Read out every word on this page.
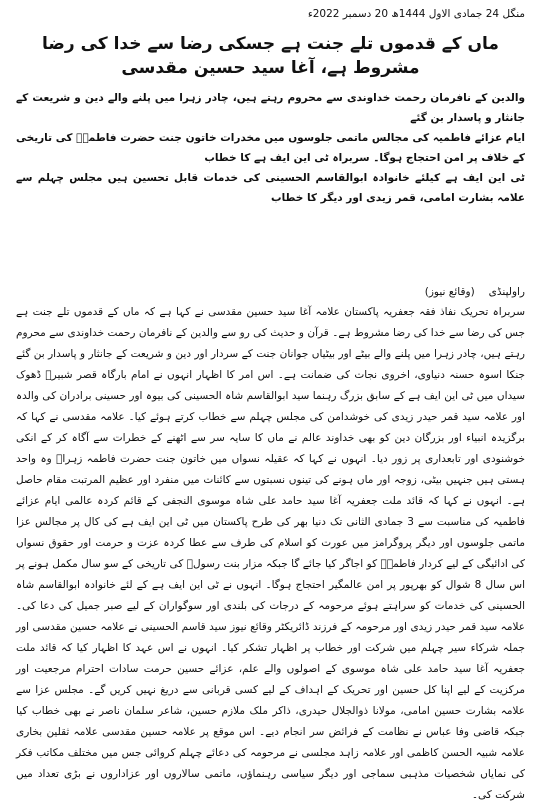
منگل 24 جمادی الاول 1444ھ 20 دسمبر 2022ء
ماں کے قدموں تلے جنت ہے جسکی رضا سے خدا کی رضا مشروط ہے، آغا سید حسین مقدسی

والدین کے نافرمان رحمت خداوندی سے محروم رہتے ہیں، چادر زہرا میں پلنے والے دین و شریعت کے جانثار و پاسدار بن گئے

ایام عزائے فاطمیہ کی مجالس ماتمی جلوسوں میں مخدرات خاتون جنت حضرت فاطمہؑ کی تاریخی کے خلاف پر امن احتجاج ہوگا۔ سربراہ ٹی این ایف ہے کا خطاب

ٹی این ایف ہے کیلئے خانوادہ ابوالقاسم الحسینی کی خدمات قابل تحسین ہیں مجلس چہلم سے علامہ بشارت امامی، قمر زیدی اور دیگر کا خطاب

راولپنڈی
(وقائع نیوز)

سربراہ تحریک نفاذ فقہ جعفریہ پاکستان علامہ آغا سید حسین مقدسی نے کہا ہے کہ ماں کے قدموں تلے جنت ہے جس کی رضا سے خدا کی رضا مشروط ہے۔ قرآن و حدیث کی رو سے والدین کے نافرمان رحمت خداوندی سے محروم رہتے ہیں، چادر زہرا میں پلنے والے بیٹے اور بیٹیاں جوانان جنت کے سردار اور دین و شریعت کے جانثار و پاسدار بن گئے جنکا اسوہ حسنہ دنیاوی، اخروی نجات کی ضمانت ہے۔ اس امر کا اظہار انہوں نے امام بارگاہ قصر شبیرؑ ڈھوک سیداں میں ٹی این ایف ہے کے سابق بزرگ رہنما سید ابوالقاسم شاہ الحسینی کی بیوہ اور حسینی برادران کی والدہ اور علامہ سید قمر حیدر زیدی کی خوشدامن کی مجلس چہلم سے خطاب کرتے ہوئے کیا۔ علامہ مقدسی نے کہا کہ برگزیدہ انبیاء اور بزرگان دین کو بھی خداوند عالم نے ماں کا سایہ سر سے اٹھنے کے خطرات سے آگاہ کر کے انکی خوشنودی اور تابعداری پر زور دیا۔ انہوں نے کہا کہ عقیلہ نسواں میں خاتون جنت حضرت فاطمہ زہراؑ وہ واحد ہستی ہیں جنہیں بیٹی، زوجہ اور ماں ہونے کی تینوں نسبتوں سے کائنات میں منفرد اور عظیم المرتبت مقام حاصل ہے۔ انہوں نے کہا کہ قائد ملت جعفریہ آغا سید حامد علی شاہ موسوی النجفی کے قائم کردہ عالمی ایام عزائے فاطمیہ کی مناسبت سے 3 جمادی الثانی تک دنیا بھر کی طرح پاکستان میں ٹی این ایف ہے کی کال پر مجالس عزا ماتمی جلوسوں اور دیگر پروگرامز میں عورت کو اسلام کی طرف سے عطا کردہ عزت و حرمت اور حقوق نسواں کی ادائیگی کے لیے کردار فاطمہؑ کو اجاگر کیا جائے گا جبکہ مزار بنت رسولؐ کی تاریخی کے سو سال مکمل ہونے پر اس سال 8 شوال کو بھرپور پر امن عالمگیر احتجاج ہوگا۔ انہوں نے ٹی این ایف ہے کے لئے خانوادہ ابوالقاسم شاہ الحسینی کی خدمات کو سراہتے ہوئے مرحومہ کے درجات کی بلندی اور سوگواران کے لیے صبر جمیل کی دعا کی۔ علامہ سید قمر حیدر زیدی اور مرحومہ کے فرزند ڈائریکٹر وقائع نیوز سید قاسم الحسینی نے علامہ حسین مقدسی اور جملہ شرکاء سیر چہلم میں شرکت اور خطاب پر اظہار تشکر کیا۔ انہوں نے اس عہد کا اظہار کیا کہ قائد ملت جعفریہ آغا سید حامد علی شاہ موسوی کے اصولوں والے علم، عزائے حسین حرمت سادات احترام مرجعیت اور مرکزیت کے لیے اپنا کل حسین اور تحریک کے اہداف کے لیے کسی قربانی سے دریغ نہیں کریں گے۔ مجلس عزا سے علامہ بشارت حسین امامی، مولانا ذوالجلال حیدری، ذاکر ملک ملازم حسین، شاعر سلمان ناصر نے بھی خطاب کیا جبکہ قاضی وفا عباس نے نظامت کے فرائض سر انجام دیے۔ اس موقع پر علامہ حسین مقدسی علامہ ثقلین بخاری علامہ شبیہ الحسن کاظمی اور علامہ زاہد مجلسی نے مرحومہ کی دعائے چہلم کروائی جس میں مختلف مکاتب فکر کی نمایاں شخصیات مذہبی سماجی اور دیگر سیاسی رہنماؤں، ماتمی سالاروں اور عزاداروں نے بڑی تعداد میں شرکت کی۔
